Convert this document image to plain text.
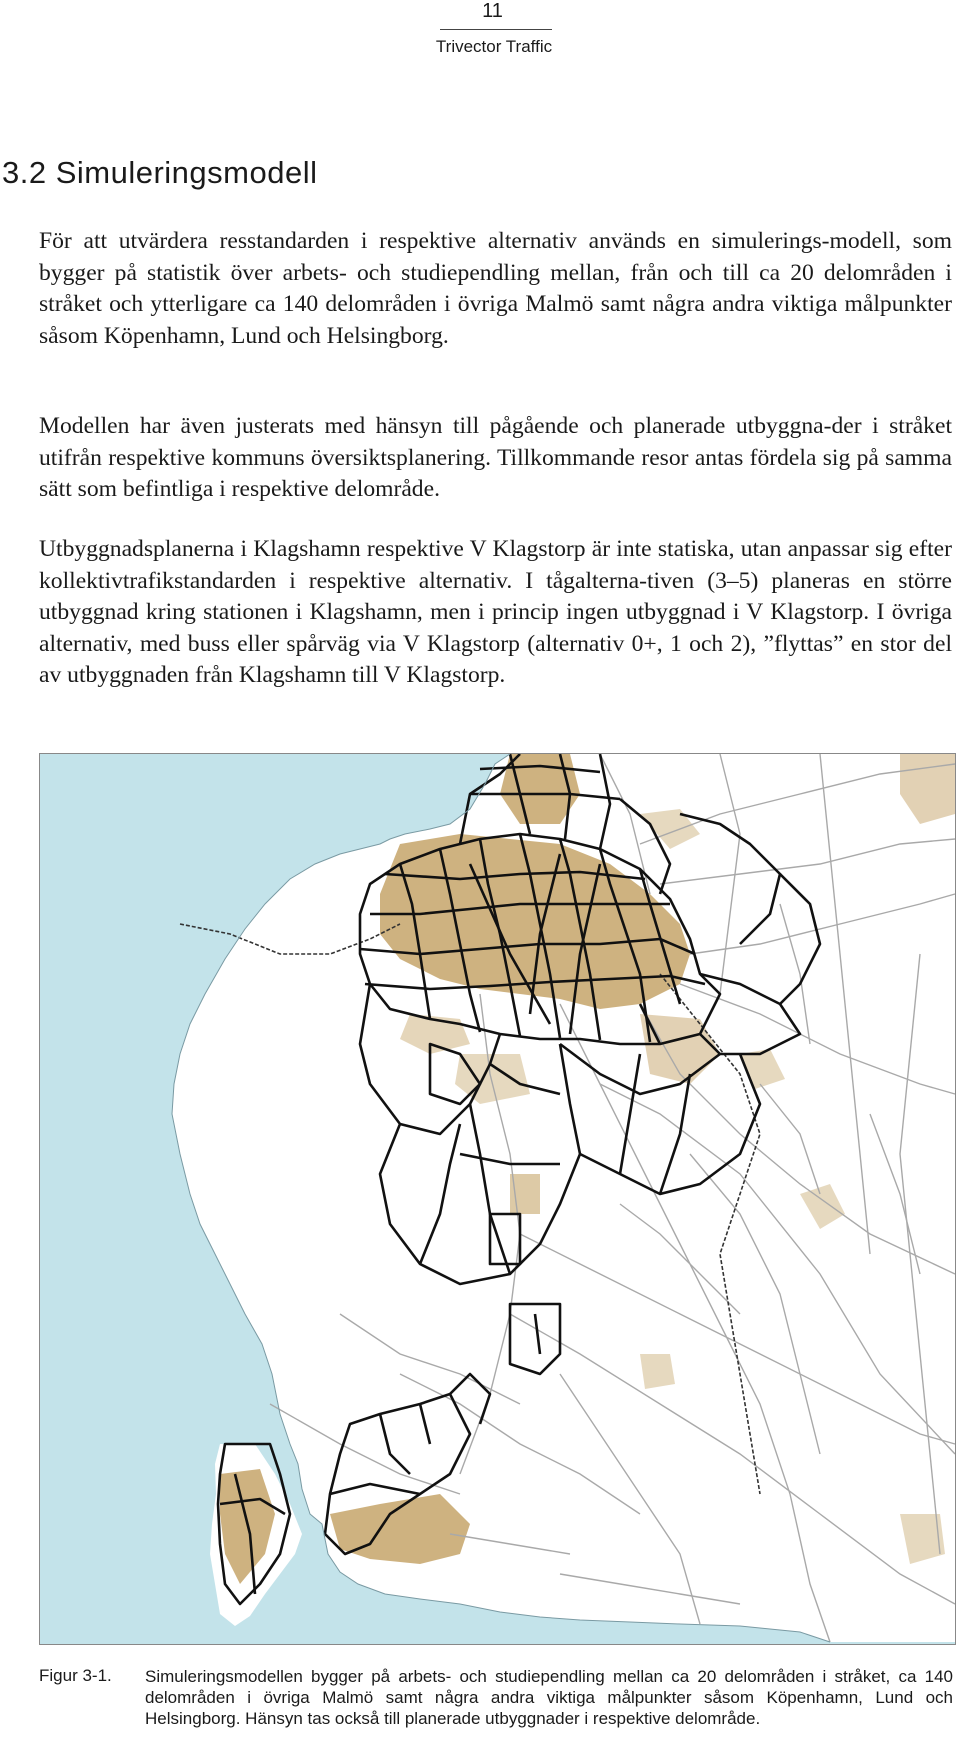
11
Trivector Traffic
3.2 Simuleringsmodell

För att utvärdera resstandarden i respektive alternativ används en simulerings-modell, som bygger på statistik över arbets- och studiependling mellan, från och till ca 20 delområden i stråket och ytterligare ca 140 delområden i övriga Malmö samt några andra viktiga målpunkter såsom Köpenhamn, Lund och Helsingborg.

Modellen har även justerats med hänsyn till pågående och planerade utbyggna-der i stråket utifrån respektive kommuns översiktsplanering. Tillkommande resor antas fördela sig på samma sätt som befintliga i respektive delområde.

Utbyggnadsplanerna i Klagshamn respektive V Klagstorp är inte statiska, utan anpassar sig efter kollektivtrafikstandarden i respektive alternativ. I tågalterna-tiven (3–5) planeras en större utbyggnad kring stationen i Klagshamn, men i princip ingen utbyggnad i V Klagstorp. I övriga alternativ, med buss eller spårväg via V Klagstorp (alternativ 0+, 1 och 2), ”flyttas” en stor del av utbyggnaden från Klagshamn till V Klagstorp.

Figur 3-1. Simuleringsmodellen bygger på arbets- och studiependling mellan ca 20 delområden i stråket, ca 140 delområden i övriga Malmö samt några andra viktiga målpunkter såsom Köpenhamn, Lund och Helsingborg. Hänsyn tas också till planerade utbyggnader i respektive delområde.
